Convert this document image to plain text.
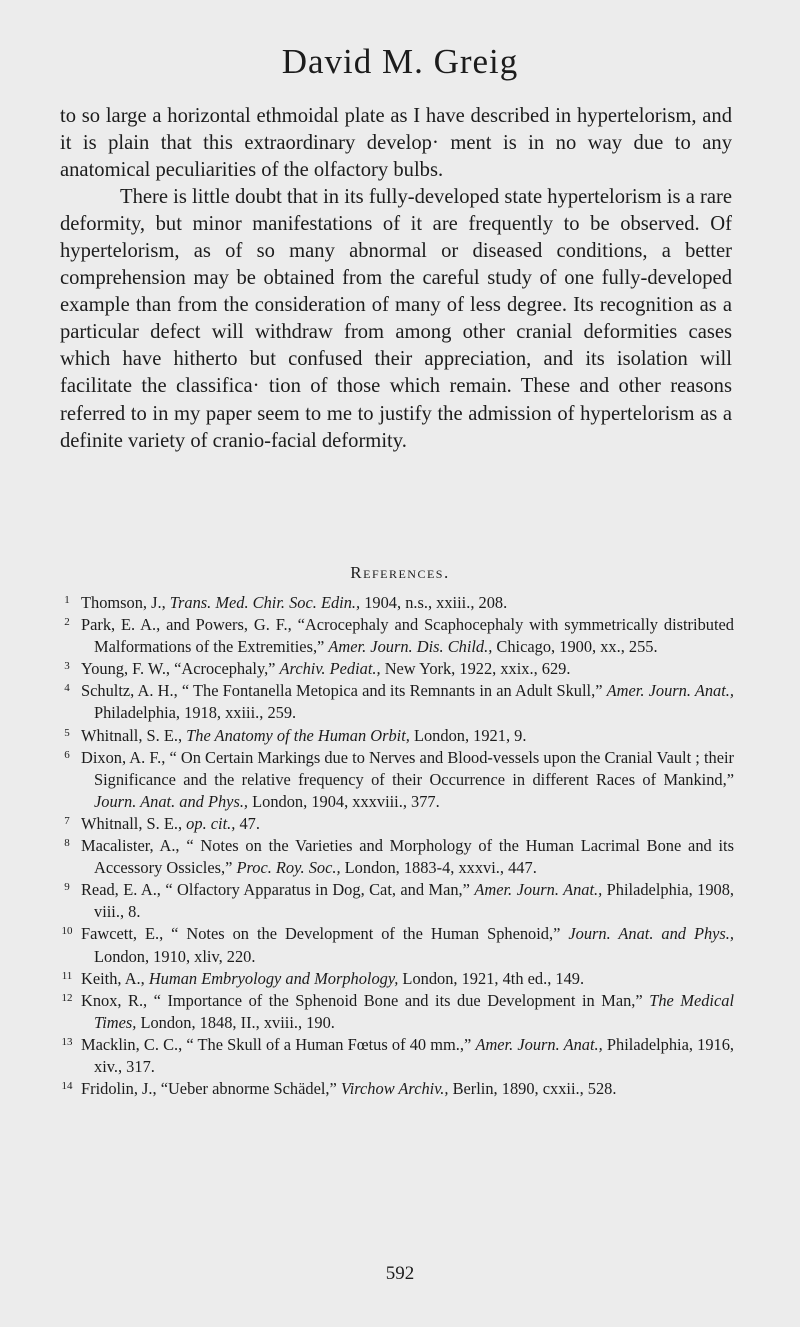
David M. Greig

to so large a horizontal ethmoidal plate as I have described in hypertelorism, and it is plain that this extraordinary develop· ment is in no way due to any anatomical peculiarities of the olfactory bulbs.

There is little doubt that in its fully-developed state hypertelorism is a rare deformity, but minor manifestations of it are frequently to be observed. Of hypertelorism, as of so many abnormal or diseased conditions, a better comprehension may be obtained from the careful study of one fully-developed example than from the consideration of many of less degree. Its recognition as a particular defect will withdraw from among other cranial deformities cases which have hitherto but confused their appreciation, and its isolation will facilitate the classifica· tion of those which remain. These and other reasons referred to in my paper seem to me to justify the admission of hypertelorism as a definite variety of cranio-facial deformity.

References.
1 Thomson, J., Trans. Med. Chir. Soc. Edin., 1904, n.s., xxiii., 208.
2 Park, E. A., and Powers, G. F., “Acrocephaly and Scaphocephaly with symmetrically distributed Malformations of the Extremities,” Amer. Journ. Dis. Child., Chicago, 1900, xx., 255.
3 Young, F. W., “Acrocephaly,” Archiv. Pediat., New York, 1922, xxix., 629.
4 Schultz, A. H., “ The Fontanella Metopica and its Remnants in an Adult Skull,” Amer. Journ. Anat., Philadelphia, 1918, xxiii., 259.
5 Whitnall, S. E., The Anatomy of the Human Orbit, London, 1921, 9.
6 Dixon, A. F., “ On Certain Markings due to Nerves and Blood-vessels upon the Cranial Vault ; their Significance and the relative frequency of their Occurrence in different Races of Mankind,” Journ. Anat. and Phys., London, 1904, xxxviii., 377.
7 Whitnall, S. E., op. cit., 47.
8 Macalister, A., “ Notes on the Varieties and Morphology of the Human Lacrimal Bone and its Accessory Ossicles,” Proc. Roy. Soc., London, 1883-4, xxxvi., 447.
9 Read, E. A., “ Olfactory Apparatus in Dog, Cat, and Man,” Amer. Journ. Anat., Philadelphia, 1908, viii., 8.
10 Fawcett, E., “ Notes on the Development of the Human Sphenoid,” Journ. Anat. and Phys., London, 1910, xliv, 220.
11 Keith, A., Human Embryology and Morphology, London, 1921, 4th ed., 149.
12 Knox, R., “ Importance of the Sphenoid Bone and its due Development in Man,” The Medical Times, London, 1848, II., xviii., 190.
13 Macklin, C. C., “ The Skull of a Human Fœtus of 40 mm.,” Amer. Journ. Anat., Philadelphia, 1916, xiv., 317.
14 Fridolin, J., “Ueber abnorme Schädel,” Virchow Archiv., Berlin, 1890, cxxii., 528.
592
